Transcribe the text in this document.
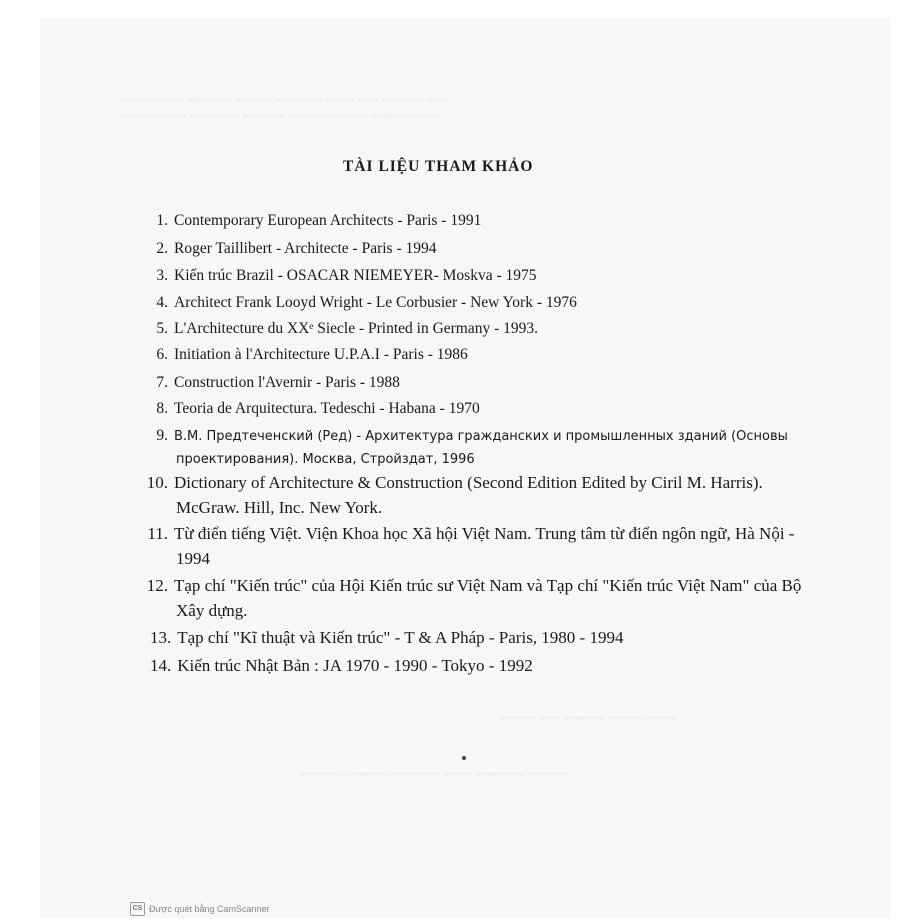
~~~~~~~~~ ~~~~ ~~ ~~~~~ ~~~~~~~ ~~~~ ~~~ ~~~~~~ ~~~
~~~~ ~~~~~ ~~~~~~~ ~~~~~~ ~~~~ ~~~~~~~ ~~~~~ ~~~~
~~~~~ ~~~ ~~~~~~ ~~~~~ ~~~~
~~~~~~ ~~~~~~ ~~~~~~~ ~~~~ ~~~~~~~ ~~~~~~
TÀI LIỆU THAM KHẢO
1. Contemporary European Architects - Paris - 1991
2. Roger Taillibert - Architecte - Paris - 1994
3. Kiến trúc Brazil - OSACAR NIEMEYER- Moskva - 1975
4. Architect Frank Looyd Wright - Le Corbusier - New York - 1976
5. L'Architecture du XXᵉ Siecle - Printed in Germany - 1993.
6. Initiation à l'Architecture U.P.A.I - Paris - 1986
7. Construction l'Avernir - Paris - 1988
8. Teoria de Arquitectura. Tedeschi - Habana - 1970
9. В.М. Предтеченский (Ред) - Архитектура гражданских и промышленных зданий (Основы проектирования). Москва, Стройздат, 1996
10. Dictionary of Architecture & Construction (Second Edition Edited by Ciril M. Harris). McGraw. Hill, Inc. New York.
11. Từ điển tiếng Việt. Viện Khoa học Xã hội Việt Nam. Trung tâm từ điển ngôn ngữ, Hà Nội - 1994
12. Tạp chí "Kiến trúc" của Hội Kiến trúc sư Việt Nam và Tạp chí "Kiến trúc Việt Nam" của Bộ Xây dựng.
13. Tạp chí "Kĩ thuật và Kiến trúc" - T & A Pháp - Paris, 1980 - 1994
14. Kiến trúc Nhật Bản : JA 1970 - 1990 - Tokyo - 1992
CS Được quét bằng CamScanner
